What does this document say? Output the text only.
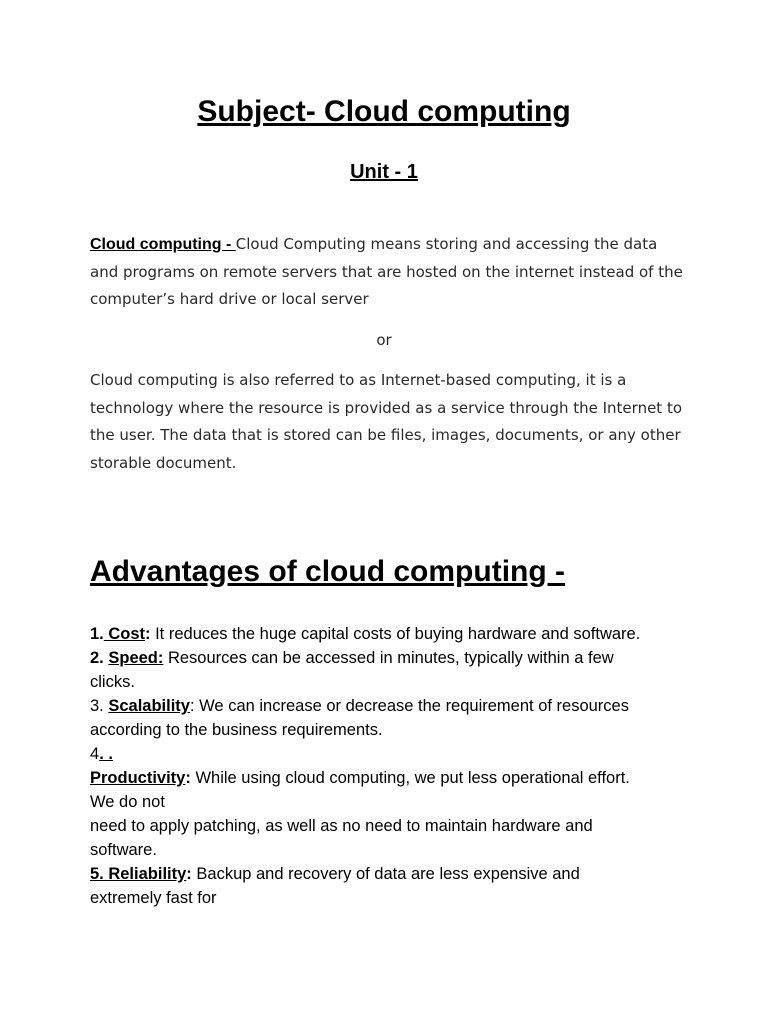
Subject- Cloud computing
Unit - 1

Cloud computing - Cloud Computing means storing and accessing the data and programs on remote servers that are hosted on the internet instead of the computer’s hard drive or local server

or

Cloud computing is also referred to as Internet-based computing, it is a technology where the resource is provided as a service through the Internet to the user. The data that is stored can be files, images, documents, or any other storable document.

Advantages of cloud computing -
1. Cost: It reduces the huge capital costs of buying hardware and software.
2. Speed: Resources can be accessed in minutes, typically within a few
clicks.
3. Scalability: We can increase or decrease the requirement of resources
according to the business requirements.
4. .
Productivity: While using cloud computing, we put less operational effort.
We do not
need to apply patching, as well as no need to maintain hardware and
software.
5. Reliability: Backup and recovery of data are less expensive and
extremely fast for
